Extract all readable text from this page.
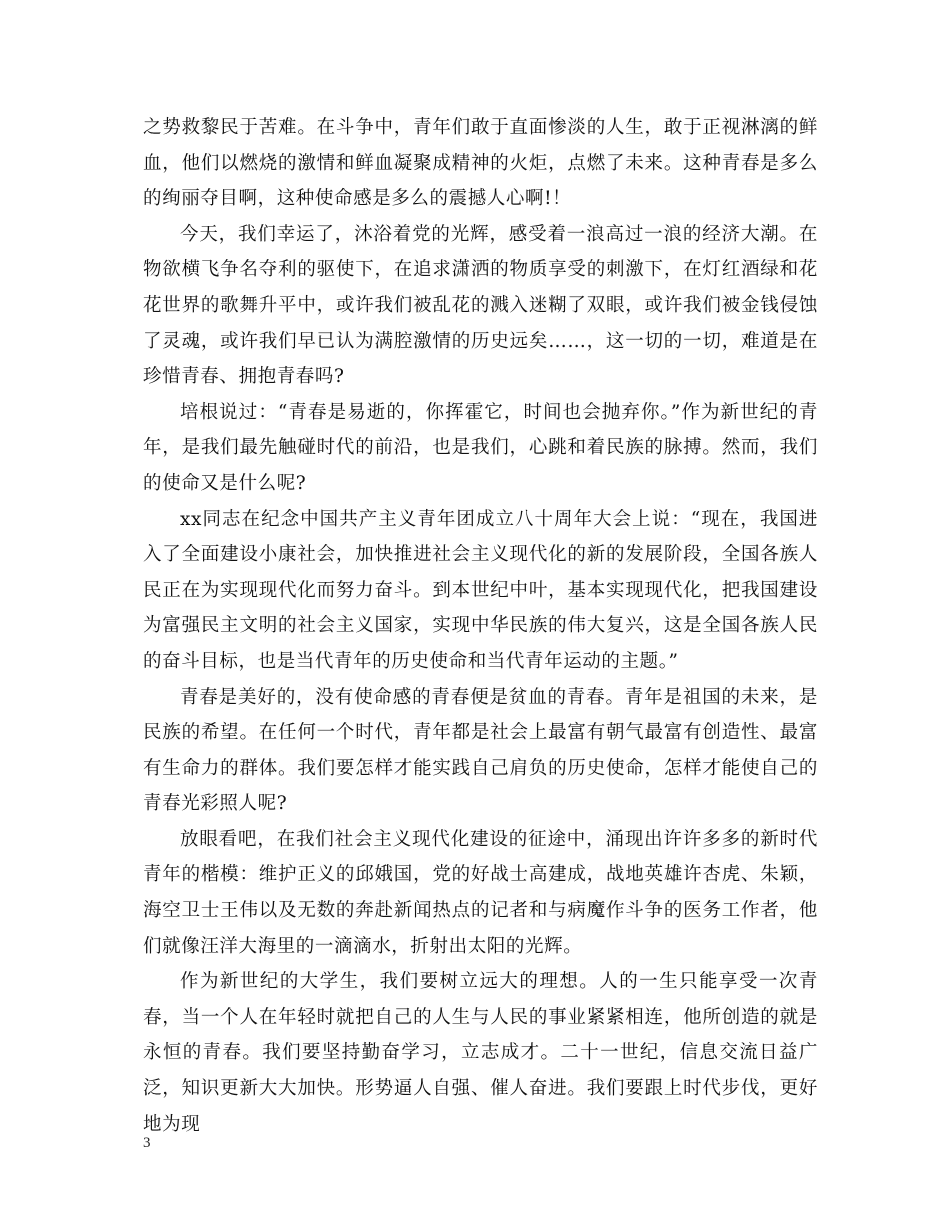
之势救黎民于苦难。在斗争中，青年们敢于直面惨淡的人生，敢于正视淋漓的鲜血，他们以燃烧的激情和鲜血凝聚成精神的火炬，点燃了未来。这种青春是多么的绚丽夺目啊，这种使命感是多么的震撼人心啊!！

今天，我们幸运了，沐浴着党的光辉，感受着一浪高过一浪的经济大潮。在物欲横飞争名夺利的驱使下，在追求潇洒的物质享受的刺激下，在灯红酒绿和花花世界的歌舞升平中，或许我们被乱花的溅入迷糊了双眼，或许我们被金钱侵蚀了灵魂，或许我们早已认为满腔激情的历史远矣……，这一切的一切，难道是在珍惜青春、拥抱青春吗?

培根说过：“青春是易逝的，你挥霍它，时间也会抛弃你。”作为新世纪的青年，是我们最先触碰时代的前沿，也是我们，心跳和着民族的脉搏。然而，我们的使命又是什么呢?

xx同志在纪念中国共产主义青年团成立八十周年大会上说：“现在，我国进入了全面建设小康社会，加快推进社会主义现代化的新的发展阶段，全国各族人民正在为实现现代化而努力奋斗。到本世纪中叶，基本实现现代化，把我国建设为富强民主文明的社会主义国家，实现中华民族的伟大复兴，这是全国各族人民的奋斗目标，也是当代青年的历史使命和当代青年运动的主题。”

青春是美好的，没有使命感的青春便是贫血的青春。青年是祖国的未来，是民族的希望。在任何一个时代，青年都是社会上最富有朝气最富有创造性、最富有生命力的群体。我们要怎样才能实践自己肩负的历史使命，怎样才能使自己的青春光彩照人呢?

放眼看吧，在我们社会主义现代化建设的征途中，涌现出许许多多的新时代青年的楷模：维护正义的邱娥国，党的好战士高建成，战地英雄许杏虎、朱颖，海空卫士王伟以及无数的奔赴新闻热点的记者和与病魔作斗争的医务工作者，他们就像汪洋大海里的一滴滴水，折射出太阳的光辉。

作为新世纪的大学生，我们要树立远大的理想。人的一生只能享受一次青春，当一个人在年轻时就把自己的人生与人民的事业紧紧相连，他所创造的就是永恒的青春。我们要坚持勤奋学习，立志成才。二十一世纪，信息交流日益广泛，知识更新大大加快。形势逼人自强、催人奋进。我们要跟上时代步伐，更好地为现

3
